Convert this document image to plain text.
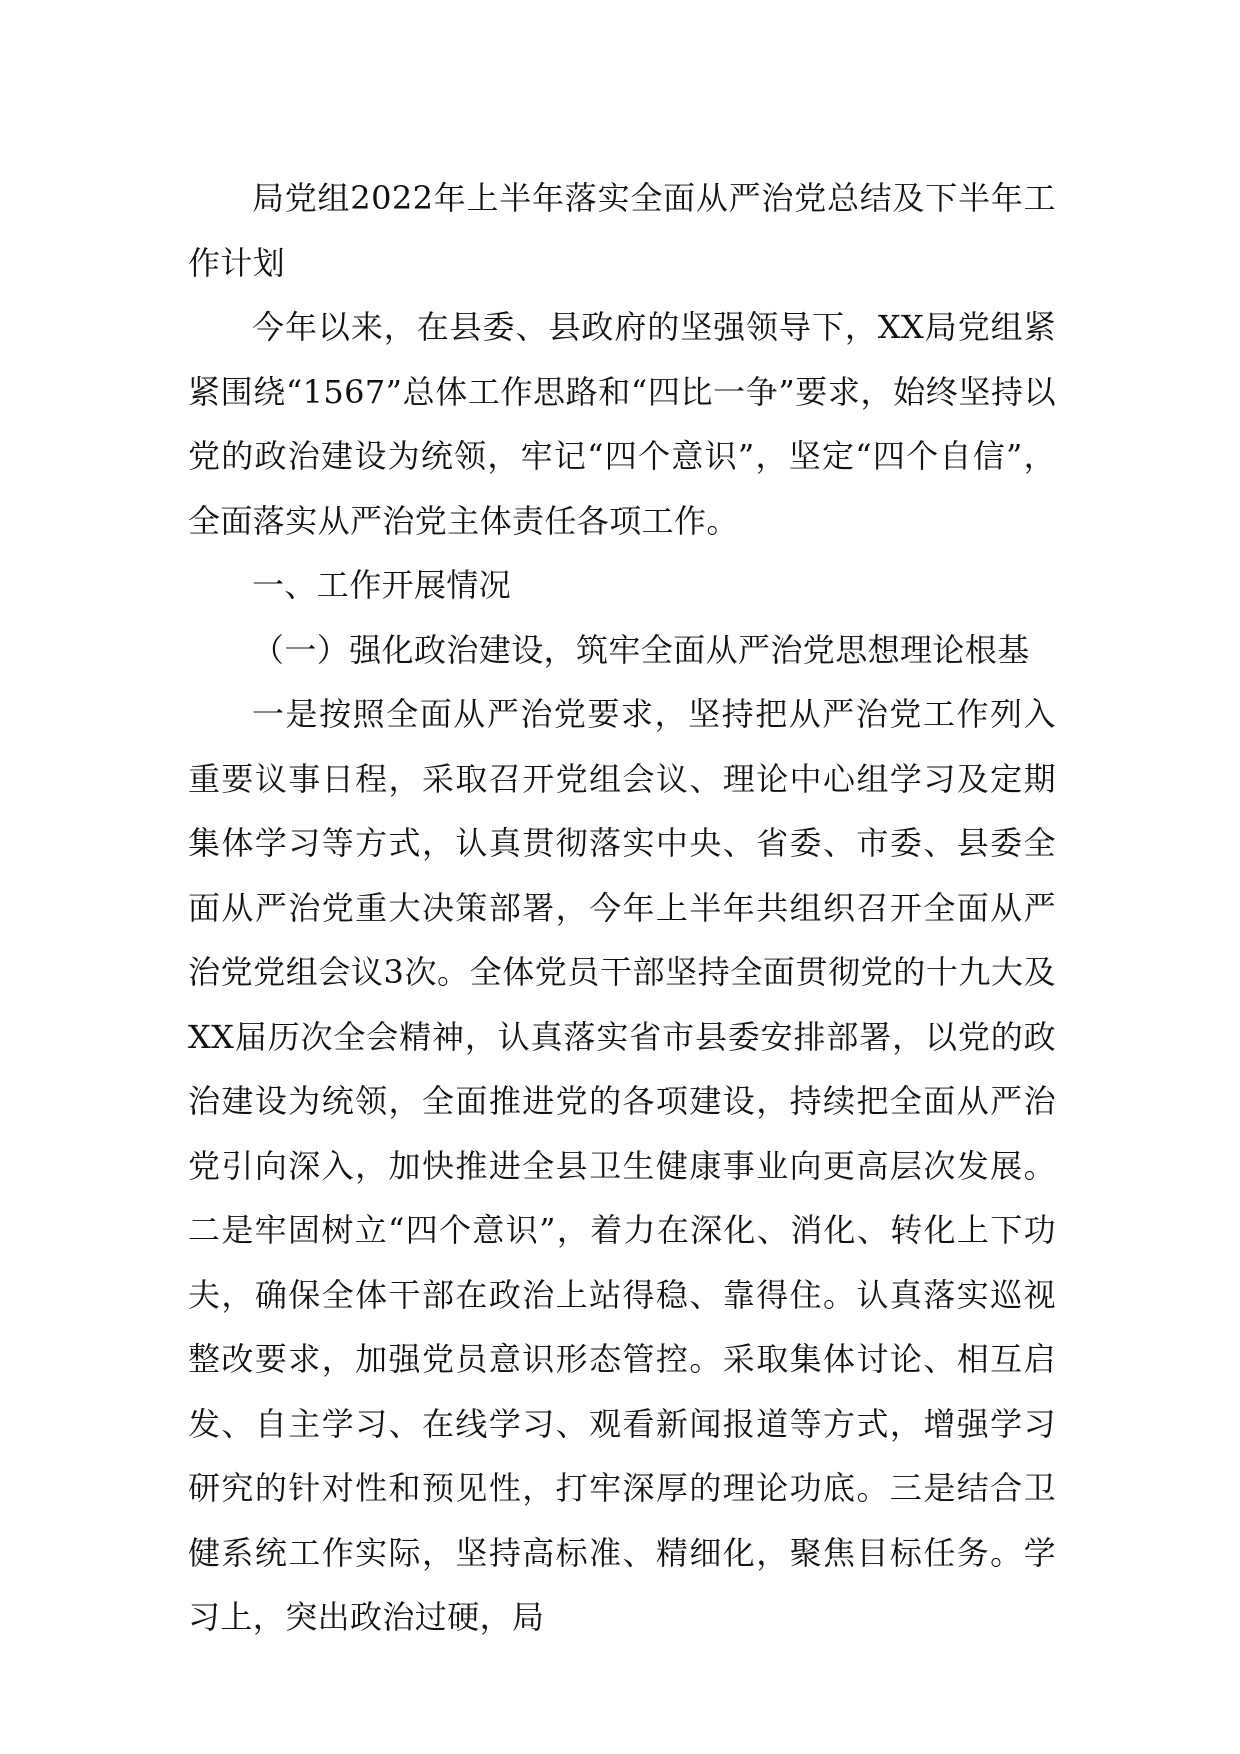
局党组2022年上半年落实全面从严治党总结及下半年工作计划

今年以来，在县委、县政府的坚强领导下，XX局党组紧紧围绕“1567”总体工作思路和“四比一争”要求，始终坚持以党的政治建设为统领，牢记“四个意识”，坚定“四个自信”，全面落实从严治党主体责任各项工作。

一、工作开展情况

（一）强化政治建设，筑牢全面从严治党思想理论根基

一是按照全面从严治党要求，坚持把从严治党工作列入重要议事日程，采取召开党组会议、理论中心组学习及定期集体学习等方式，认真贯彻落实中央、省委、市委、县委全面从严治党重大决策部署，今年上半年共组织召开全面从严治党党组会议3次。全体党员干部坚持全面贯彻党的十九大及XX届历次全会精神，认真落实省市县委安排部署，以党的政治建设为统领，全面推进党的各项建设，持续把全面从严治党引向深入，加快推进全县卫生健康事业向更高层次发展。二是牢固树立“四个意识”，着力在深化、消化、转化上下功夫，确保全体干部在政治上站得稳、靠得住。认真落实巡视整改要求，加强党员意识形态管控。采取集体讨论、相互启发、自主学习、在线学习、观看新闻报道等方式，增强学习研究的针对性和预见性，打牢深厚的理论功底。三是结合卫健系统工作实际，坚持高标准、精细化，聚焦目标任务。学习上，突出政治过硬，局
